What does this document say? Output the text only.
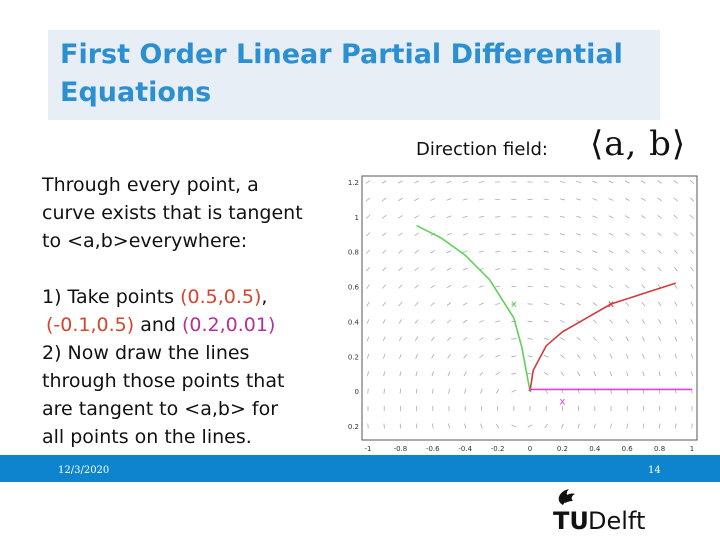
First Order Linear Partial Differential
Equations
Direction field: ⟨a, b⟩

Through every point, a

curve exists that is tangent

to <a,b>everywhere:

1) Take points (0.5,0.5),

(-0.1,0.5) and (0.2,0.01)

2) Now draw the lines

through those points that

are tangent to <a,b> for

all points on the lines.

-1	-0.8	-0.6	-0.4	-0.2	0	0.2	0.4	0.6	0.8	1
1.2
1
0.8
0.6
0.4
0.2
0
0.2
x
x
x
12/3/2020	14
TU Delft
